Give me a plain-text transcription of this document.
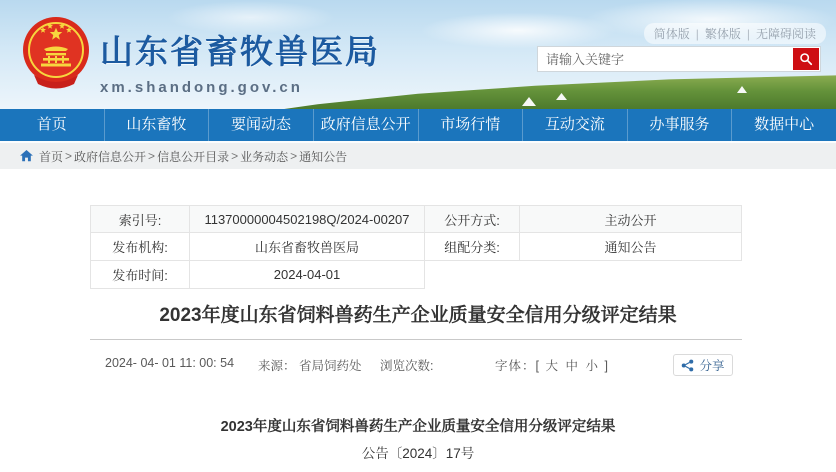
山东省畜牧兽医局
xm.shandong.gov.cn
简体版 | 繁体版 | 无障碍阅读
请输入关键字
首页	山东畜牧	要闻动态	政府信息公开	市场行情	互动交流	办事服务	数据中心
首页 > 政府信息公开 > 信息公开目录 > 业务动态 > 通知公告
索引号:	11370000004502198Q/2024-00207	公开方式:	主动公开
发布机构:	山东省畜牧兽医局	组配分类:	通知公告
发布时间:	2024-04-01
2023年度山东省饲料兽药生产企业质量安全信用分级评定结果
2024- 04- 01 11: 00: 54 来源： 省局饲药处 浏览次数:	字体：[ 大 中 小 ]	分享
2023年度山东省饲料兽药生产企业质量安全信用分级评定结果
公告〔2024〕17号
